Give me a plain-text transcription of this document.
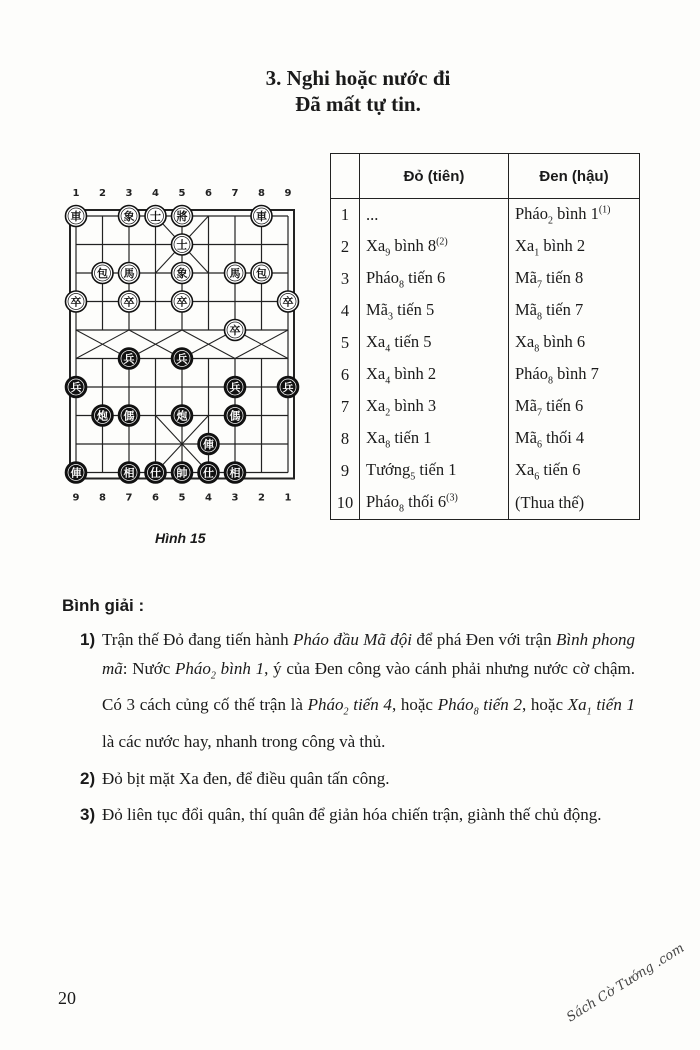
3. Nghi hoặc nước đi
Đã mất tự tin.
1 2 3 4 5 6 7 8 9
9 8 7 6 5 4 3 2 1
車	象 士 將	車
士
包 馬	象	馬 包
卒	卒	卒	卒
卒
兵	兵
兵	兵	兵
炮 傌	炮	傌
俥
俥	相 仕 帥 仕 相
Hình 15
	Đỏ (tiên)	Đen (hậu)
1	...	Pháo$_2$ bình 1$^{(1)}$
2	$Xa_9$ bình 8$^{(2)}$	$Xa_1$ bình 2
3	Pháo$_8$ tiến 6	$Mã_7$ tiến 8
4	$Mã_3$ tiến 5	$Mã_8$ tiến 7
5	$Xa_4$ tiến 5	$Xa_8$ bình 6
6	$Xa_4$ bình 2	Pháo$_8$ bình 7
7	$Xa_2$ bình 3	$Mã_7$ tiến 6
8	$Xa_8$ tiến 1	$Mã_6$ thối 4
9	Tướng$_5$ tiến 1	$Xa_6$ tiến 6
10	Pháo$_8$ thối 6$^{(3)}$	(Thua thế)
Bình giải :
1) Trận thế Đỏ đang tiến hành Pháo đầu Mã đội để phá Đen với trận Bình phong mã: Nước Pháo$_2$ bình 1, ý của Đen công vào cánh phải nhưng nước cờ chậm. Có 3 cách củng cố thế trận là Pháo$_2$ tiến 4, hoặc Pháo$_8$ tiến 2, hoặc $Xa_1$ tiến 1 là các nước hay, nhanh trong công và thủ.
2) Đỏ bịt mặt Xa đen, để điều quân tấn công.
3) Đỏ liên tục đổi quân, thí quân để giản hóa chiến trận, giành thế chủ động.
20	Sách Cờ Tướng .com
